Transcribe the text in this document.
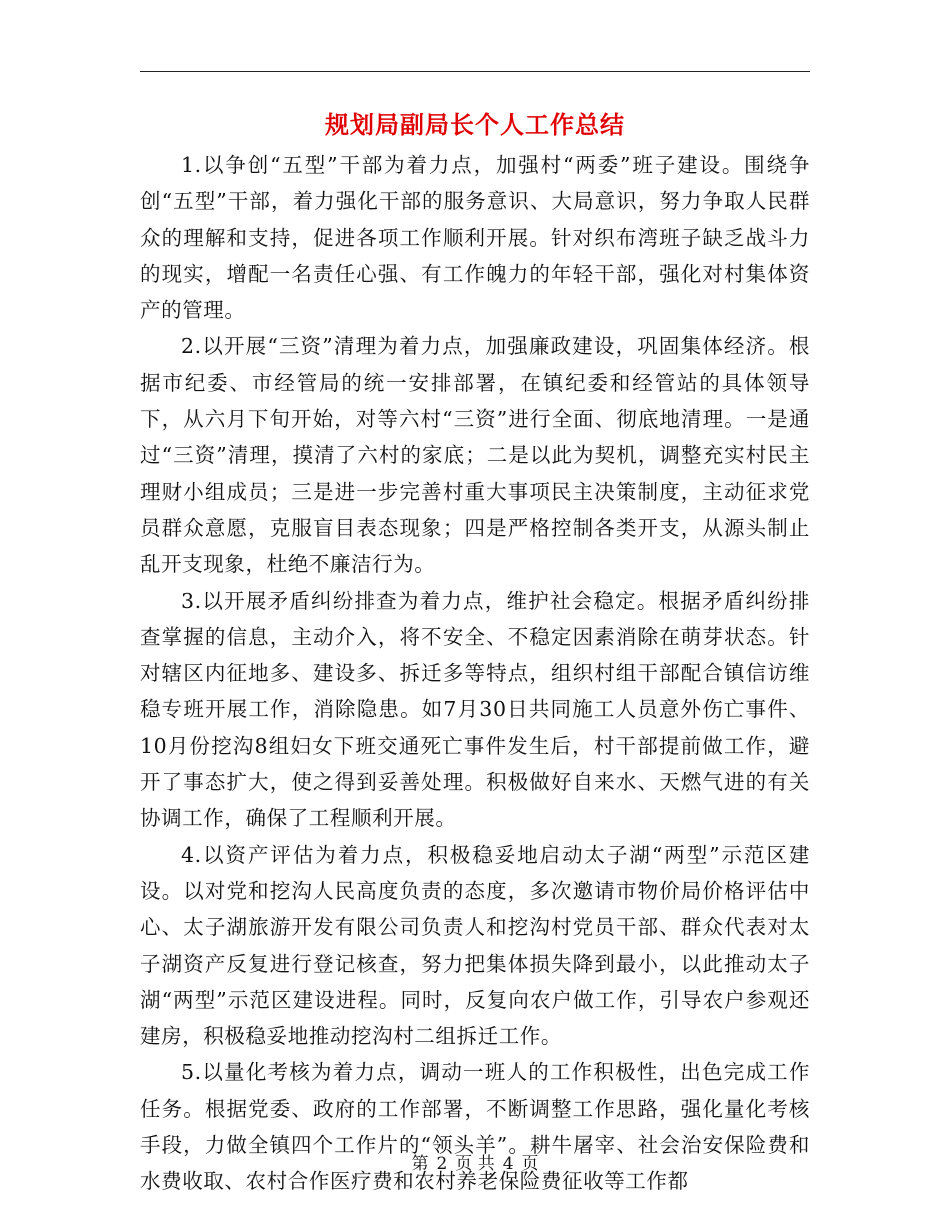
规划局副局长个人工作总结

1.以争创“五型”干部为着力点，加强村“两委”班子建设。围绕争创“五型”干部，着力强化干部的服务意识、大局意识，努力争取人民群众的理解和支持，促进各项工作顺利开展。针对织布湾班子缺乏战斗力的现实，增配一名责任心强、有工作魄力的年轻干部，强化对村集体资产的管理。

2.以开展“三资”清理为着力点，加强廉政建设，巩固集体经济。根据市纪委、市经管局的统一安排部署，在镇纪委和经管站的具体领导下，从六月下旬开始，对等六村“三资”进行全面、彻底地清理。一是通过“三资”清理，摸清了六村的家底；二是以此为契机，调整充实村民主理财小组成员；三是进一步完善村重大事项民主决策制度，主动征求党员群众意愿，克服盲目表态现象；四是严格控制各类开支，从源头制止乱开支现象，杜绝不廉洁行为。

3.以开展矛盾纠纷排查为着力点，维护社会稳定。根据矛盾纠纷排查掌握的信息，主动介入，将不安全、不稳定因素消除在萌芽状态。针对辖区内征地多、建设多、拆迁多等特点，组织村组干部配合镇信访维稳专班开展工作，消除隐患。如7月30日共同施工人员意外伤亡事件、10月份挖沟8组妇女下班交通死亡事件发生后，村干部提前做工作，避开了事态扩大，使之得到妥善处理。积极做好自来水、天燃气进的有关协调工作，确保了工程顺利开展。

4.以资产评估为着力点，积极稳妥地启动太子湖“两型”示范区建设。以对党和挖沟人民高度负责的态度，多次邀请市物价局价格评估中心、太子湖旅游开发有限公司负责人和挖沟村党员干部、群众代表对太子湖资产反复进行登记核查，努力把集体损失降到最小，以此推动太子湖“两型”示范区建设进程。同时，反复向农户做工作，引导农户参观还建房，积极稳妥地推动挖沟村二组拆迁工作。

5.以量化考核为着力点，调动一班人的工作积极性，出色完成工作任务。根据党委、政府的工作部署，不断调整工作思路，强化量化考核手段，力做全镇四个工作片的“领头羊”。耕牛屠宰、社会治安保险费和水费收取、农村合作医疗费和农村养老保险费征收等工作都

第 2 页 共 4 页
